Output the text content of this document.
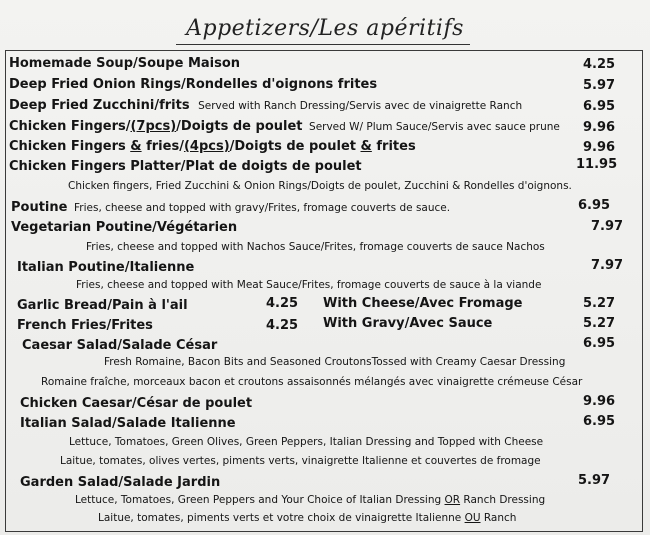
Appetizers/Les apéritifs
Homemade Soup/Soupe Maison	4.25
Deep Fried Onion Rings/Rondelles d'oignons frites	5.97
Deep Fried Zucchini/frits Served with Ranch Dressing/Servis avec de vinaigrette Ranch	6.95
Chicken Fingers/(7pcs)/Doigts de poulet Served W/ Plum Sauce/Servis avec sauce prune 9.96
Chicken Fingers & fries/(4pcs)/Doigts de poulet & frites	9.96
Chicken Fingers Platter/Plat de doigts de poulet	11.95
Chicken fingers, Fried Zucchini & Onion Rings/Doigts de poulet, Zucchini & Rondelles d'oignons.
Poutine Fries, cheese and topped with gravy/Frites, fromage couverts de sauce.	6.95
Vegetarian Poutine/Végétarien	7.97
Fries, cheese and topped with Nachos Sauce/Frites, fromage couverts de sauce Nachos
Italian Poutine/Italienne	7.97
Fries, cheese and topped with Meat Sauce/Frites, fromage couverts de sauce à la viande
Garlic Bread/Pain à l'ail	4.25 With Cheese/Avec Fromage	5.27
French Fries/Frites	4.25 With Gravy/Avec Sauce	5.27
Caesar Salad/Salade César	6.95
Fresh Romaine, Bacon Bits and Seasoned CroutonsTossed with Creamy Caesar Dressing
Romaine fraîche, morceaux bacon et croutons assaisonnés mélangés avec vinaigrette crémeuse César
Chicken Caesar/César de poulet	9.96
Italian Salad/Salade Italienne	6.95
Lettuce, Tomatoes, Green Olives, Green Peppers, Italian Dressing and Topped with Cheese
Laitue, tomates, olives vertes, piments verts, vinaigrette Italienne et couvertes de fromage
Garden Salad/Salade Jardin	5.97
Lettuce, Tomatoes, Green Peppers and Your Choice of Italian Dressing OR Ranch Dressing
Laitue, tomates, piments verts et votre choix de vinaigrette Italienne OU Ranch
